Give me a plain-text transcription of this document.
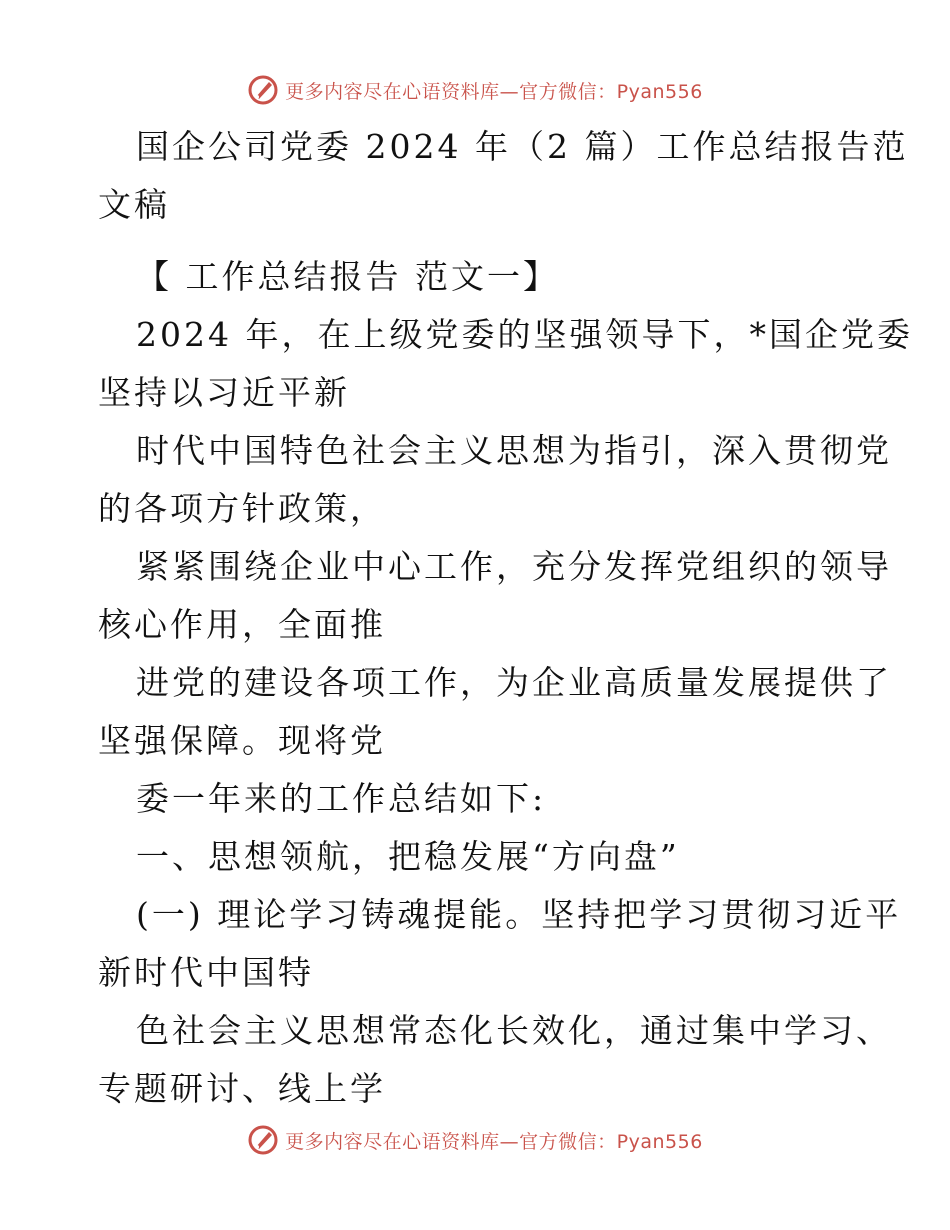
更多内容尽在心语资料库—官方微信：Pyan556
国企公司党委 2024 年（2 篇）工作总结报告范
文稿
【 工作总结报告 范文一】
2024 年，在上级党委的坚强领导下，*国企党委
坚持以习近平新
时代中国特色社会主义思想为指引，深入贯彻党
的各项方针政策，
紧紧围绕企业中心工作，充分发挥党组织的领导
核心作用，全面推
进党的建设各项工作，为企业高质量发展提供了
坚强保障。现将党
委一年来的工作总结如下:
一、思想领航，把稳发展“方向盘”
(一) 理论学习铸魂提能。坚持把学习贯彻习近平
新时代中国特
色社会主义思想常态化长效化，通过集中学习、
专题研讨、线上学
更多内容尽在心语资料库—官方微信：Pyan556
